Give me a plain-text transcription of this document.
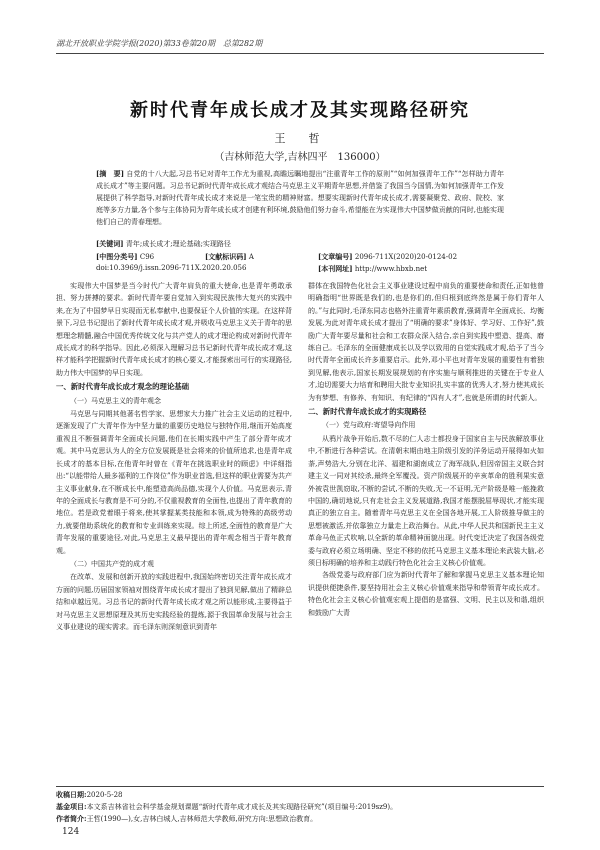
湖北开放职业学院学报(2020)第33卷第20期　总第282期
新时代青年成长成才及其实现路径研究
王　哲
（吉林师范大学,吉林四平　136000）
[摘　要] 自党的十八大起,习总书记对青年工作尤为重视,高瞻远瞩地提出“注重青年工作的原则”“如何加强青年工作”“怎样助力青年成长成才”等主要问题。习总书记新时代青年成长成才观结合马克思主义平期青年思想,并借鉴了我国当今国情,为如何加强青年工作发展提供了科学指导,对新时代青年成长成才来说是一笔宝贵的精神财富。想要实现新时代青年成长成才,需要凝聚党、政府、院校、家庭等多方力量,各个参与主体协同为青年成长成才创建有利环境,鼓励他们努力奋斗,希望能在为实现伟大中国梦做贡献的同时,也能实现他们自己的青春理想。
[关键词] 青年;成长成才;理论基础;实现路径
[中图分类号] C96	[文献标识码] A	[文章编号] 2096-711X(2020)20-0124-02
doi:10.3969/j.issn.2096-711X.2020.20.056	[本刊网址] http://www.hbxb.net

实现伟大中国梦是当今时代广大青年肩负的重大使命,也是青年勇敢承担、努力拼搏的要求。新时代青年要自觉加入到实现民族伟大复兴的实践中来,在为了中国梦早日实现而无私奉献中,也要保证个人价值的实现。在这样背景下,习总书记提出了新时代青年成长成才观,并吸收马克思主义关于青年的思想理念精髓,融合中国优秀传统文化与共产党人的成才理论构成对新时代青年成长成才的科学指导。因此,必须深入理解习总书记新时代青年成长成才观,这样才能科学把握新时代青年成长成才的核心要义,才能探索出可行的实现路径,助力伟大中国梦的早日实现。

一、新时代青年成长成才观念的理论基础
（一）马克思主义的青年观念

马克思与同期其他著名哲学家、思想家大力推广社会主义运动的过程中,逐渐发现了广大青年作为中坚力量的重要历史地位与独特作用,继而开始高度重视且不断强调青年全面成长问题,他们在长期实践中产生了部分青年成才观。其中马克思认为人的全方位发展既是社会将来的价值所追求,也是青年成长成才的基本目标,在他青年时曾在《青年在挑选职业时的顾虑》中详细指出:“以能带给人最多福利的工作岗位”作为职业首选,但这样的职业需要为共产主义事业献身,在不断成长中,能塑造高尚品德,实现个人价值。马克思表示,青年的全面成长与教育是不可分的,不仅重视教育的全面性,也提出了青年教育的地位。若是政党着眼于将来,使其掌握某类技能和本领,成为特殊的高级劳动力,就要借助系统化的教育和专业训练来实现。综上所述,全面性的教育是广大青年发展的重要途径,对此,马克思主义最早提出的青年观念相当于青年教育观。

（二）中国共产党的成才观

在改革、发展和创新开放的实践进程中,我国始终密切关注青年成长成才方面的问题,历届国家领袖对围绕青年成长成才提出了独到见解,做出了精辟总结和卓越远见。习总书记的新时代青年成长成才观之所以能形成,主要得益于对马克思主义思想原理及其历史实践经验的提炼,源于我国革命发展与社会主义事业建设的现实需求。而毛泽东则深刻意识到青年

群体在我国特色化社会主义事业建设过程中肩负的重要使命和责任,正如他曾明确指明“世界既是我们的,也是你们的,但归根到底终然是属于你们青年人的。”与此同时,毛泽东同志也格外注重青年素质教育,强调青年全面成长、均衡发展,为此对青年成长成才提出了“明确的要求”身体好、学习好、工作好”,鼓励广大青年要尽量和社会和工农群众深入结合,亲自到实践中塑造、提高、磨练自己。毛泽东的全面健康成长以及学以致用的自觉实践成才观,给予了当今时代青年全面成长许多重要启示。此外,邓小平也对青年发展的重要性有着独到见解,他表示,国家长期发展规划的有序实施与顺利推进的关键在于专业人才,迫切需要大力培育和聘用大批专业知识扎实丰富的优秀人才,努力使其成长为有梦想、有修养、有知识、有纪律的“四有人才”,也就是所谓的时代新人。

二、新时代青年成长成才的实现路径
（一）党与政府:寄望导向作用

从鸦片战争开始后,数不尽的仁人志士都投身于国家自主与民族解放事业中,不断进行各种尝试。在清朝末期由地主阶级引发的洋务运动开展得如火如荼,声势浩大,分别在北洋、福建和湖南成立了海军战队,但因帝国主义联合封建主义一同对其绞杀,最终全军覆没。资产阶级展开的辛亥革命的胜利果实意外被袁世凯窃取,不断的尝试,不断的失败,无一不证明,无产阶级是唯一能挽救中国的,确切地说,只有走社会主义发展道路,我国才能摆脱屈辱现状,才能实现真正的独立自主。随着青年马克思主义在全国各地开展,工人阶级推导做主的思想被激活,并依靠独立力量走上政治舞台。从此,中华人民共和国新民主主义革命马鱼正式吹响,以全新的革命精神面貌出现。时代变迁决定了我国各级党委与政府必须立场明确、坚定不移的依托马克思主义基本理论来武装大脑,必须日标明确的培养和主动践行特色化社会主义核心价值观。

各级党委与政府部门应为新时代青年了解和掌握马克思主义基本理论知识提供便捷条件,要坚持用社会主义核心价值观来指导和带领青年成长成才。特色化社会主义核心价值观宏观上提倡的是富强、文明、民主以及和谐,组织和鼓励广大青

收稿日期:2020-5-28
基金项目:本文系吉林省社会科学基金规划课题“新时代青年成才成长及其实现路径研究”(项目编号:2019sz9)。
作者简介:王哲(1990—),女,吉林白城人,吉林师范大学教师,研究方向:思想政治教育。
124
